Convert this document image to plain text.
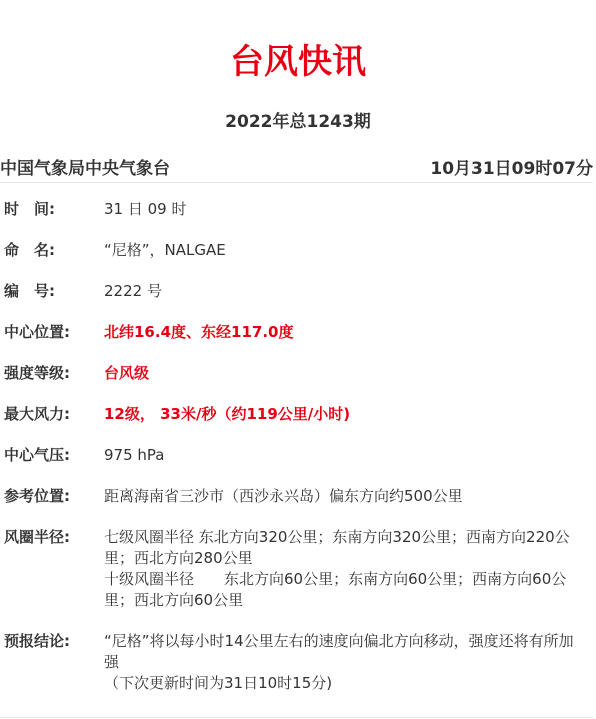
台风快讯
2022年总1243期
中国气象局中央气象台	10月31日09时07分
时　间:	31 日 09 时
命　名:	“尼格”，NALGAE
编　号:	2222 号
中心位置:	北纬16.4度、东经117.0度
强度等级:	台风级
最大风力:	12级， 33米/秒（约119公里/小时)
中心气压:	975 hPa
参考位置:	距离海南省三沙市（西沙永兴岛）偏东方向约500公里
风圈半径:	七级风圈半径 东北方向320公里；东南方向320公里；西南方向220公里；西北方向280公里
十级风圈半径　　东北方向60公里；东南方向60公里；西南方向60公里；西北方向60公里
预报结论:	“尼格”将以每小时14公里左右的速度向偏北方向移动，强度还将有所加强
（下次更新时间为31日10时15分)
